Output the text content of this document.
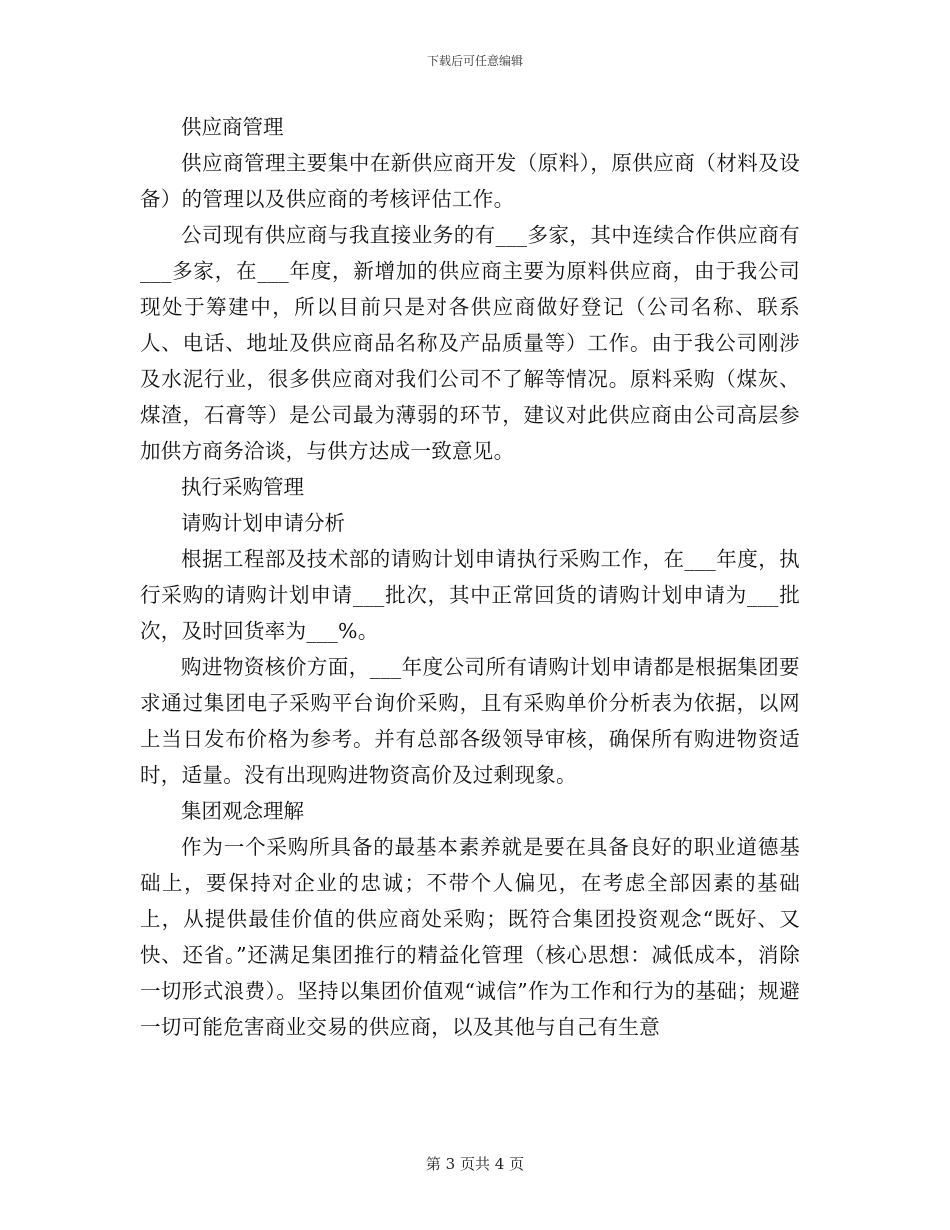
下载后可任意编辑

供应商管理

供应商管理主要集中在新供应商开发（原料），原供应商（材料及设备）的管理以及供应商的考核评估工作。

公司现有供应商与我直接业务的有___多家，其中连续合作供应商有___多家，在___年度，新增加的供应商主要为原料供应商，由于我公司现处于筹建中，所以目前只是对各供应商做好登记（公司名称、联系人、电话、地址及供应商品名称及产品质量等）工作。由于我公司刚涉及水泥行业，很多供应商对我们公司不了解等情况。原料采购（煤灰、煤渣，石膏等）是公司最为薄弱的环节，建议对此供应商由公司高层参加供方商务洽谈，与供方达成一致意见。

执行采购管理

请购计划申请分析

根据工程部及技术部的请购计划申请执行采购工作，在___年度，执行采购的请购计划申请___批次，其中正常回货的请购计划申请为___批次，及时回货率为___%。

购进物资核价方面，___年度公司所有请购计划申请都是根据集团要求通过集团电子采购平台询价采购，且有采购单价分析表为依据，以网上当日发布价格为参考。并有总部各级领导审核，确保所有购进物资适时，适量。没有出现购进物资高价及过剩现象。

集团观念理解

作为一个采购所具备的最基本素养就是要在具备良好的职业道德基础上，要保持对企业的忠诚；不带个人偏见，在考虑全部因素的基础上，从提供最佳价值的供应商处采购；既符合集团投资观念“既好、又快、还省。”还满足集团推行的精益化管理（核心思想：减低成本，消除一切形式浪费）。坚持以集团价值观“诚信”作为工作和行为的基础；规避一切可能危害商业交易的供应商，以及其他与自己有生意

第 3 页共 4 页
